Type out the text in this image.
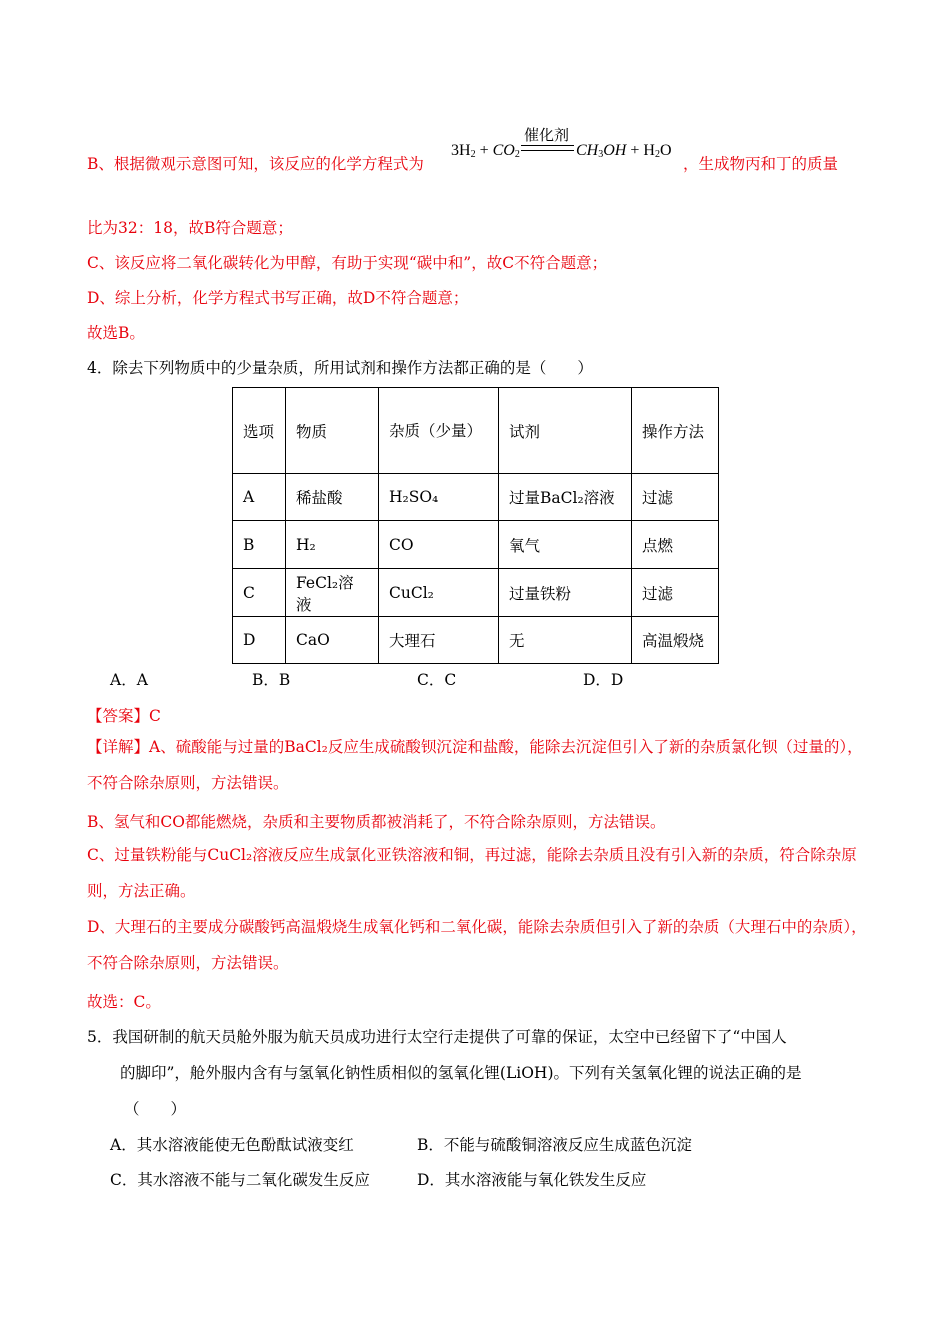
B、根据微观示意图可知，该反应的化学方程式为
催化剂
$3H_2 + CO_2$	$CH_3OH + H_2O$
，生成物丙和丁的质量
比为32：18，故B符合题意；
C、该反应将二氧化碳转化为甲醇，有助于实现“碳中和”，故C不符合题意；
D、综上分析，化学方程式书写正确，故D不符合题意；
故选B。
4．除去下列物质中的少量杂质，所用试剂和操作方法都正确的是（　　）
选项	物质	杂质（少量）	试剂	操作方法
A	稀盐酸	H₂SO₄	过量BaCl₂溶液	过滤
B	H₂	CO	氧气	点燃
C	FeCl₂溶液	CuCl₂	过量铁粉	过滤
D	CaO	大理石	无	高温煅烧
A．A	B．B	C．C	D．D
【答案】C
【详解】A、硫酸能与过量的BaCl₂反应生成硫酸钡沉淀和盐酸，能除去沉淀但引入了新的杂质氯化钡（过量的），不符合除杂原则，方法错误。
B、氢气和CO都能燃烧，杂质和主要物质都被消耗了，不符合除杂原则，方法错误。
C、过量铁粉能与CuCl₂溶液反应生成氯化亚铁溶液和铜，再过滤，能除去杂质且没有引入新的杂质，符合除杂原则，方法正确。
D、大理石的主要成分碳酸钙高温煅烧生成氧化钙和二氧化碳，能除去杂质但引入了新的杂质（大理石中的杂质），不符合除杂原则，方法错误。
故选：C。
5．我国研制的航天员舱外服为航天员成功进行太空行走提供了可靠的保证，太空中已经留下了“中国人
的脚印”，舱外服内含有与氢氧化钠性质相似的氢氧化锂(LiOH)。下列有关氢氧化锂的说法正确的是
（　　）
A．其水溶液能使无色酚酞试液变红	B．不能与硫酸铜溶液反应生成蓝色沉淀
C．其水溶液不能与二氧化碳发生反应	D．其水溶液能与氧化铁发生反应
